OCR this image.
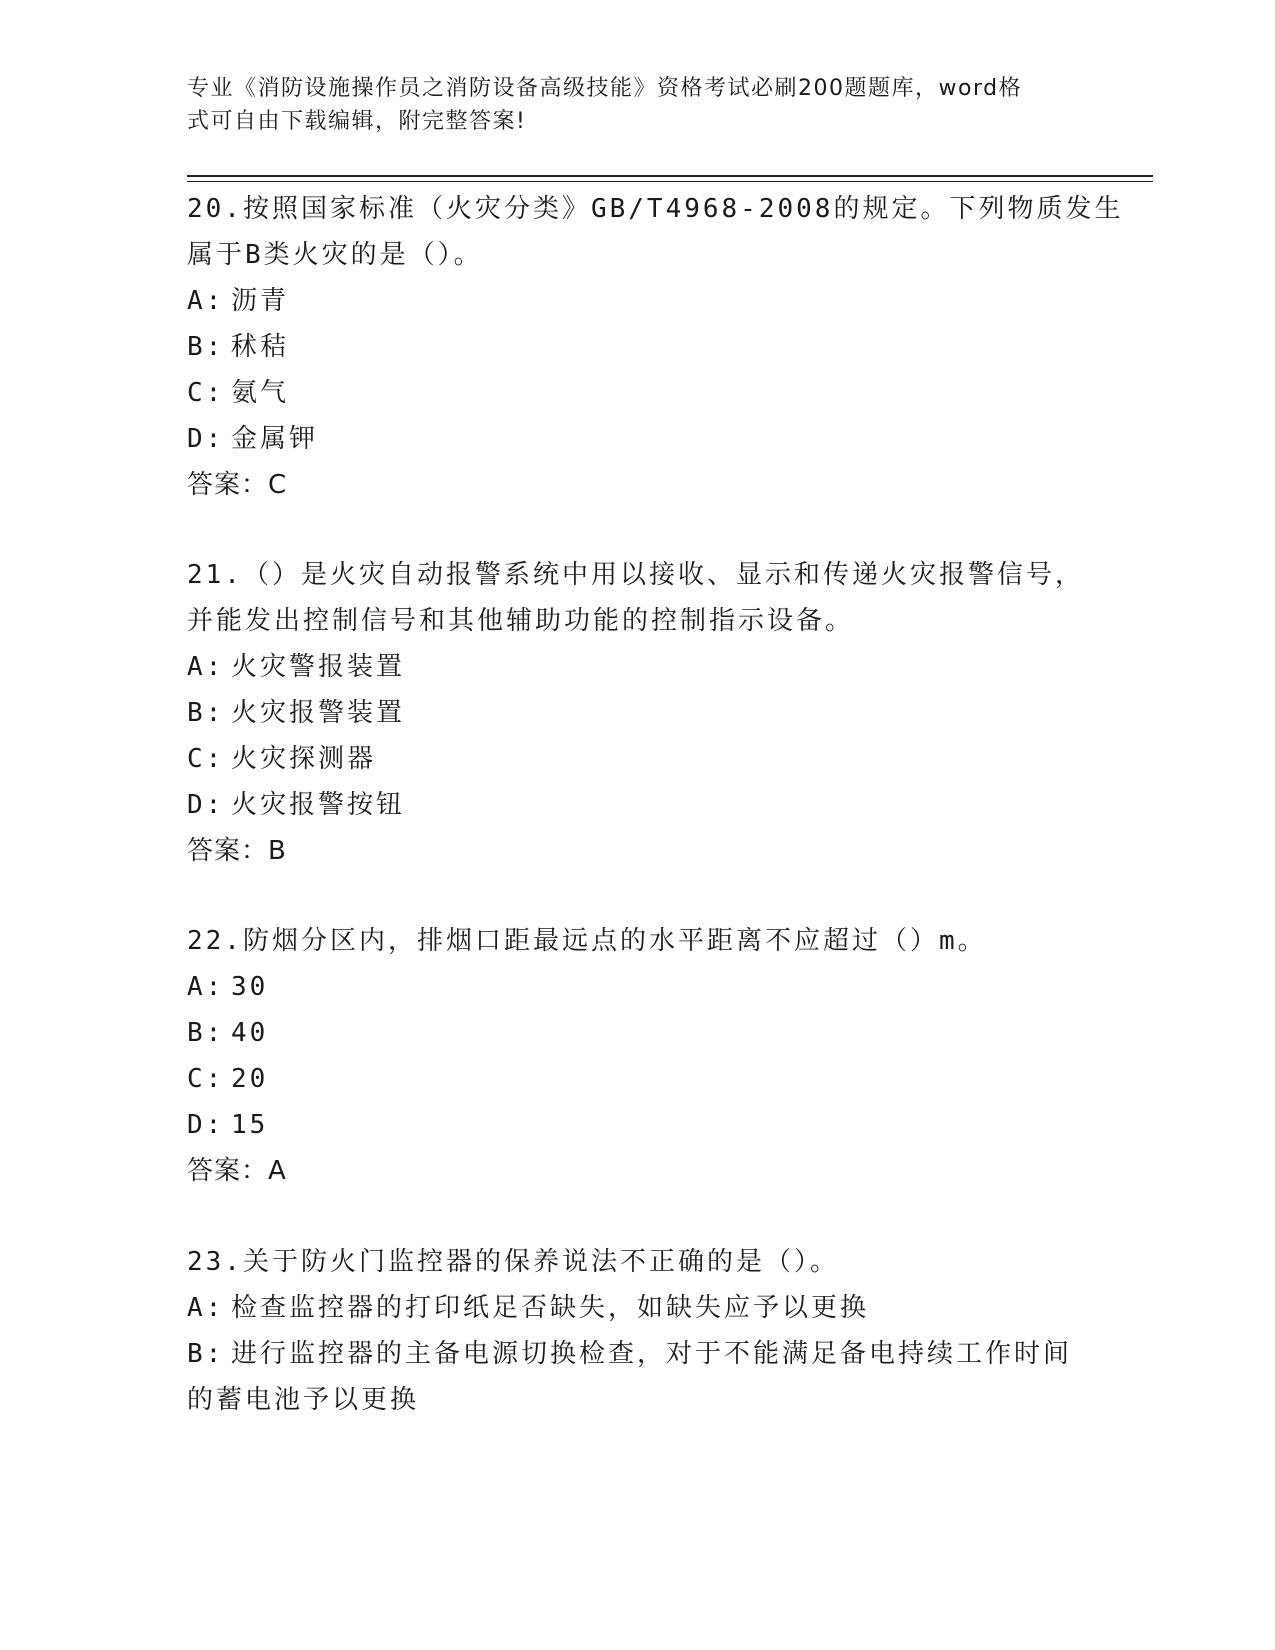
专业《消防设施操作员之消防设备高级技能》资格考试必刷200题题库，word格
式可自由下载编辑，附完整答案!
20.按照国家标准（火灾分类》GB/T4968-2008的规定。下列物质发生
属于B类火灾的是（）。
A: 沥青
B: 秫秸
C: 氨气
D: 金属钾
答案：C
21.（）是火灾自动报警系统中用以接收、显示和传递火灾报警信号，
并能发出控制信号和其他辅助功能的控制指示设备。
A: 火灾警报装置
B: 火灾报警装置
C: 火灾探测器
D: 火灾报警按钮
答案：B
22.防烟分区内，排烟口距最远点的水平距离不应超过（）m。
A: 30
B: 40
C: 20
D: 15
答案：A
23.关于防火门监控器的保养说法不正确的是（）。
A: 检查监控器的打印纸足否缺失，如缺失应予以更换
B: 进行监控器的主备电源切换检查，对于不能满足备电持续工作时间
的蓄电池予以更换
